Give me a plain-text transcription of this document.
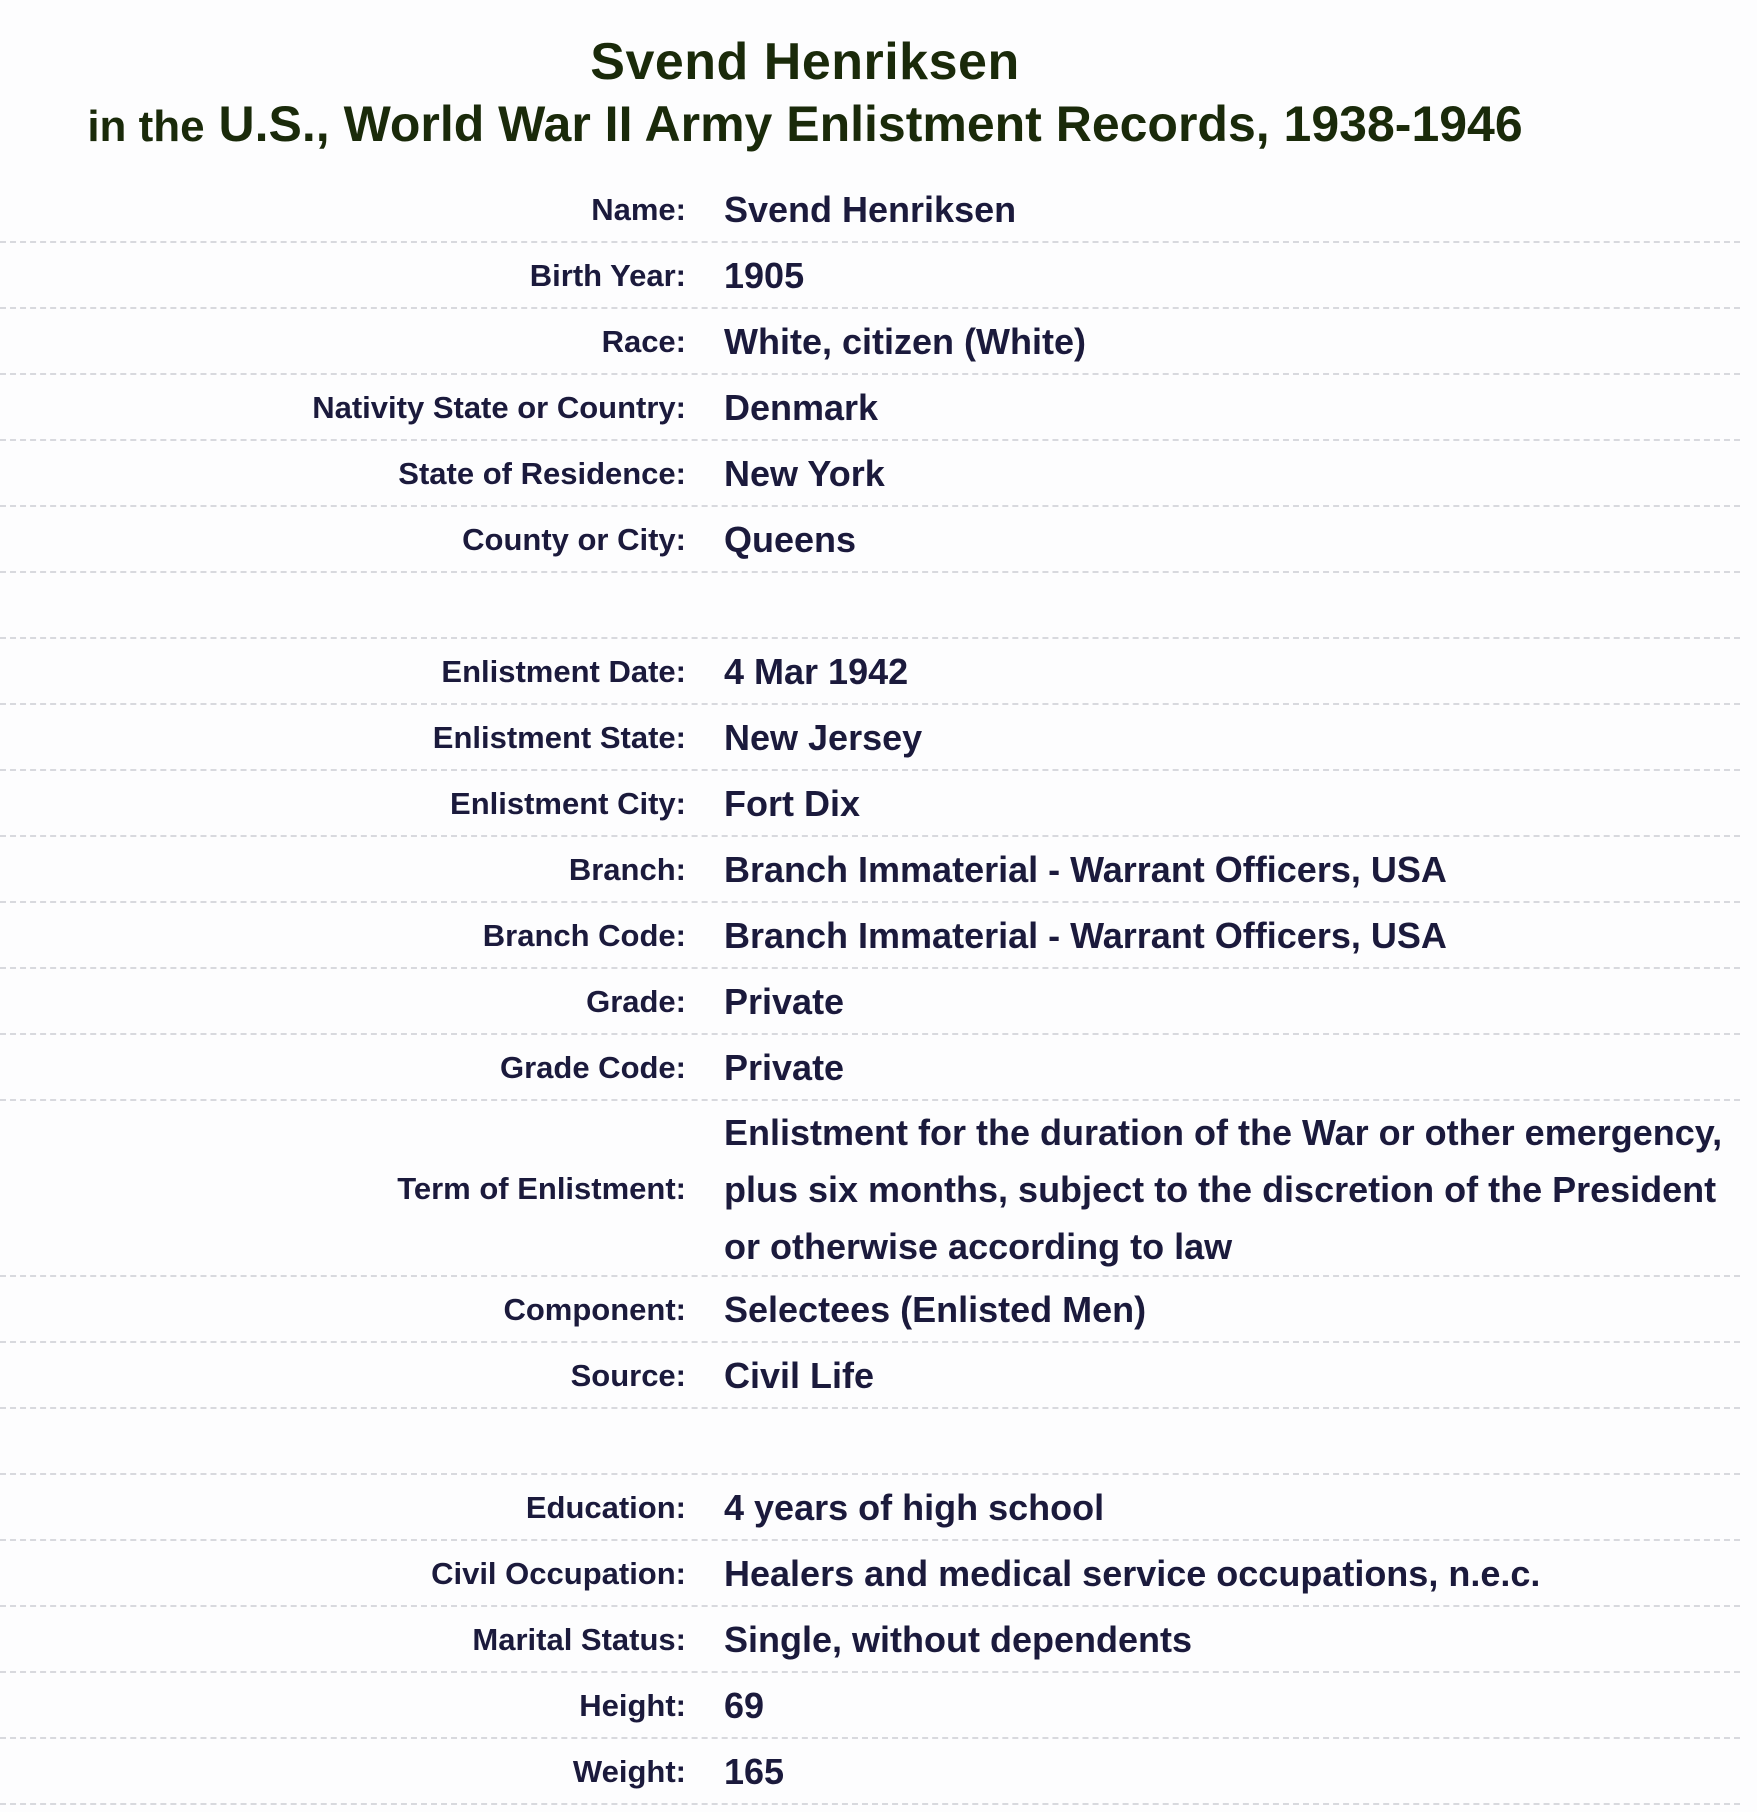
Svend Henriksen
in the U.S., World War II Army Enlistment Records, 1938-1946
Name:	Svend Henriksen
Birth Year:	1905
Race:	White, citizen (White)
Nativity State or Country:	Denmark
State of Residence:	New York
County or City:	Queens
Enlistment Date:	4 Mar 1942
Enlistment State:	New Jersey
Enlistment City:	Fort Dix
Branch:	Branch Immaterial - Warrant Officers, USA
Branch Code:	Branch Immaterial - Warrant Officers, USA
Grade:	Private
Grade Code:	Private
Term of Enlistment:
Enlistment for the duration of the War or other emergency, plus six months, subject to the discretion of the President or otherwise according to law
Component:	Selectees (Enlisted Men)
Source:	Civil Life
Education:	4 years of high school
Civil Occupation:	Healers and medical service occupations, n.e.c.
Marital Status:	Single, without dependents
Height:	69
Weight:	165
